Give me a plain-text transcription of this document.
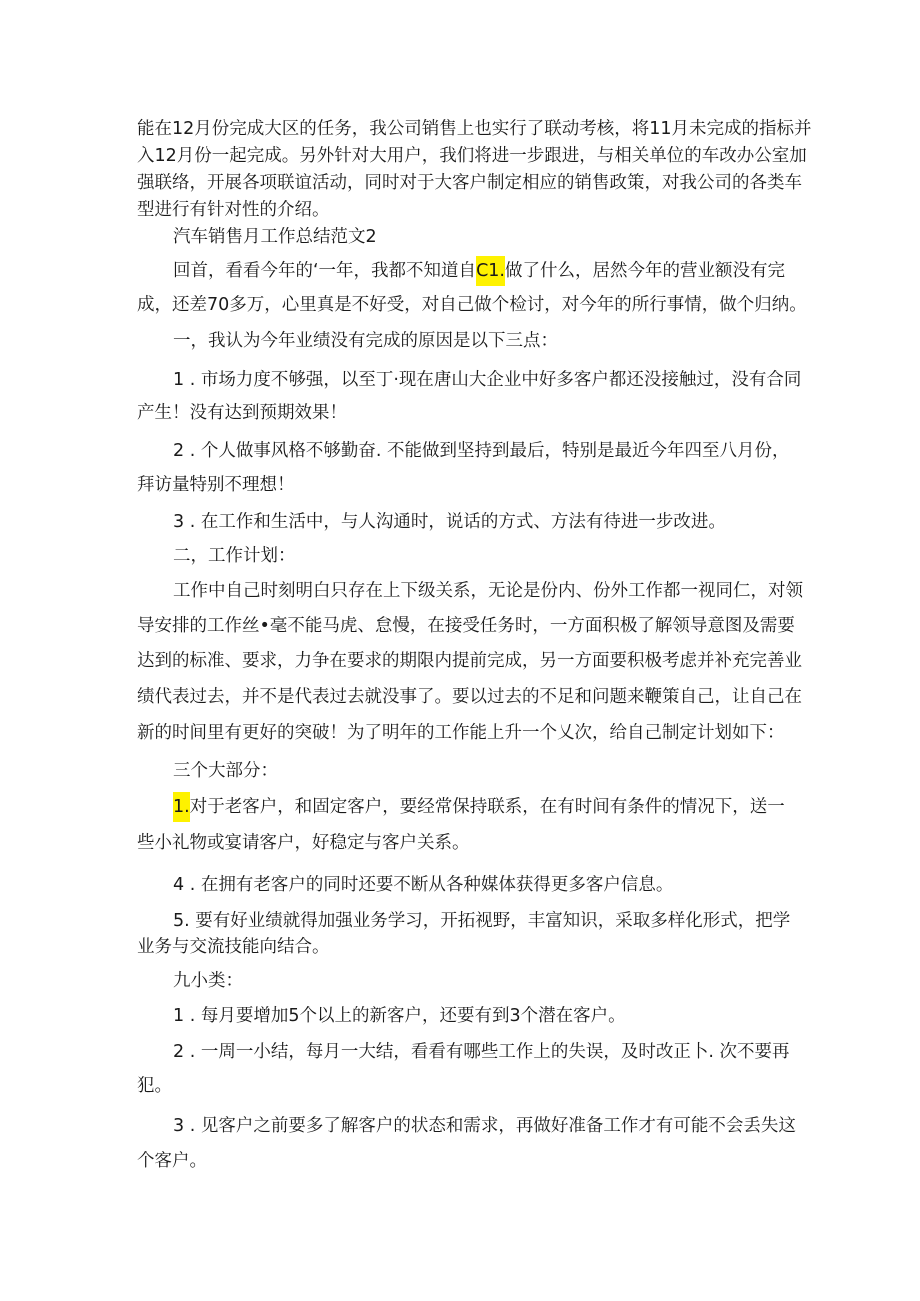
能在12月份完成大区的任务，我公司销售上也实行了联动考核，将11月未完成的指标并
入12月份一起完成。另外针对大用户，我们将进一步跟进，与相关单位的车改办公室加
强联络，开展各项联谊活动，同时对于大客户制定相应的销售政策，对我公司的各类车
型进行有针对性的介绍。
汽车销售月工作总结范文2
回首，看看今年的‘一年，我都不知道自C1.做了什么，居然今年的营业额没有完
成，还差70多万，心里真是不好受，对自己做个检讨，对今年的所行事情，做个归纳。
一，我认为今年业绩没有完成的原因是以下三点：
1 . 市场力度不够强，以至丁·现在唐山大企业中好多客户都还没接触过，没有合同
产生！没有达到预期效果！
2 . 个人做事风格不够勤奋. 不能做到坚持到最后，特别是最近今年四至八月份，
拜访量特别不理想！
3 . 在工作和生活中，与人沟通时，说话的方式、方法有待进一步改进。
二，工作计划：
工作中自己时刻明白只存在上下级关系，无论是份内、份外工作都一视同仁，对领
导安排的工作丝•毫不能马虎、怠慢，在接受任务时，一方面积极了解领导意图及需要
达到的标准、要求，力争在要求的期限内提前完成，另一方面要积极考虑并补充完善业
绩代表过去，并不是代表过去就没事了。要以过去的不足和问题来鞭策自己，让自己在
新的时间里有更好的突破！为了明年的工作能上升一个乂次，给自己制定计划如下：
三个大部分：
1.对于老客户，和固定客户，要经常保持联系，在有时间有条件的情况下，送一
些小礼物或宴请客户，好稳定与客户关系。
4 . 在拥有老客户的同时还要不断从各种媒体获得更多客户信息。
5. 要有好业绩就得加强业务学习，开拓视野，丰富知识，采取多样化形式，把学
业务与交流技能向结合。
九小类：
1 . 每月要增加5个以上的新客户，还要有到3个潜在客户。
2 . 一周一小结，每月一大结，看看有哪些工作上的失误，及时改正卜. 次不要再
犯。
3 . 见客户之前要多了解客户的状态和需求，再做好准备工作才有可能不会丢失这
个客户。
